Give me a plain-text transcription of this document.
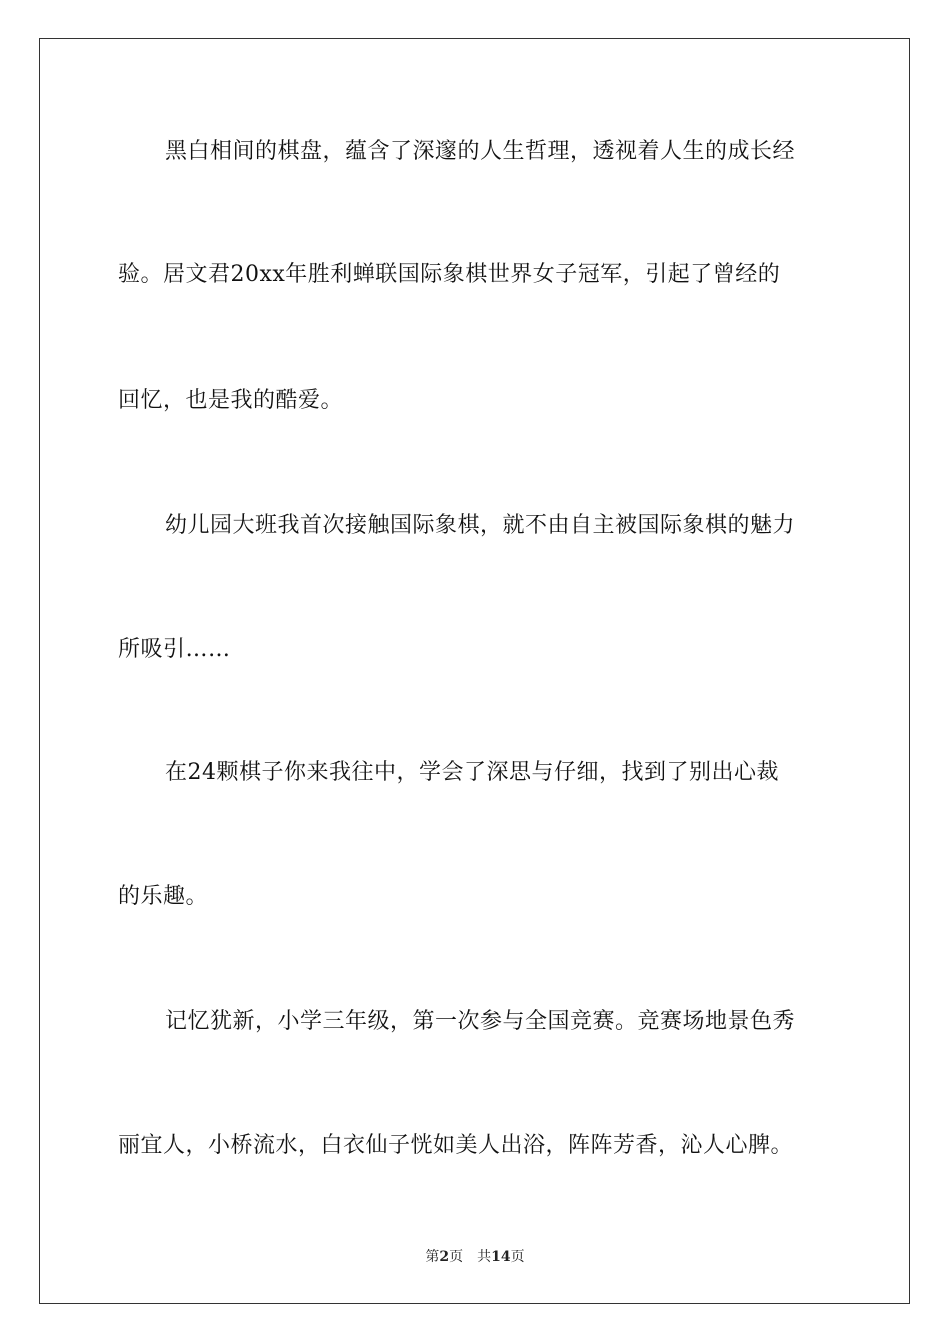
黑白相间的棋盘，蕴含了深邃的人生哲理，透视着人生的成长经
验。居文君20xx年胜利蝉联国际象棋世界女子冠军，引起了曾经的
回忆，也是我的酷爱。
幼儿园大班我首次接触国际象棋，就不由自主被国际象棋的魅力
所吸引……
在24颗棋子你来我往中，学会了深思与仔细，找到了别出心裁
的乐趣。
记忆犹新，小学三年级，第一次参与全国竞赛。竞赛场地景色秀
丽宜人，小桥流水，白衣仙子恍如美人出浴，阵阵芳香，沁人心脾。
第2页 共14页
